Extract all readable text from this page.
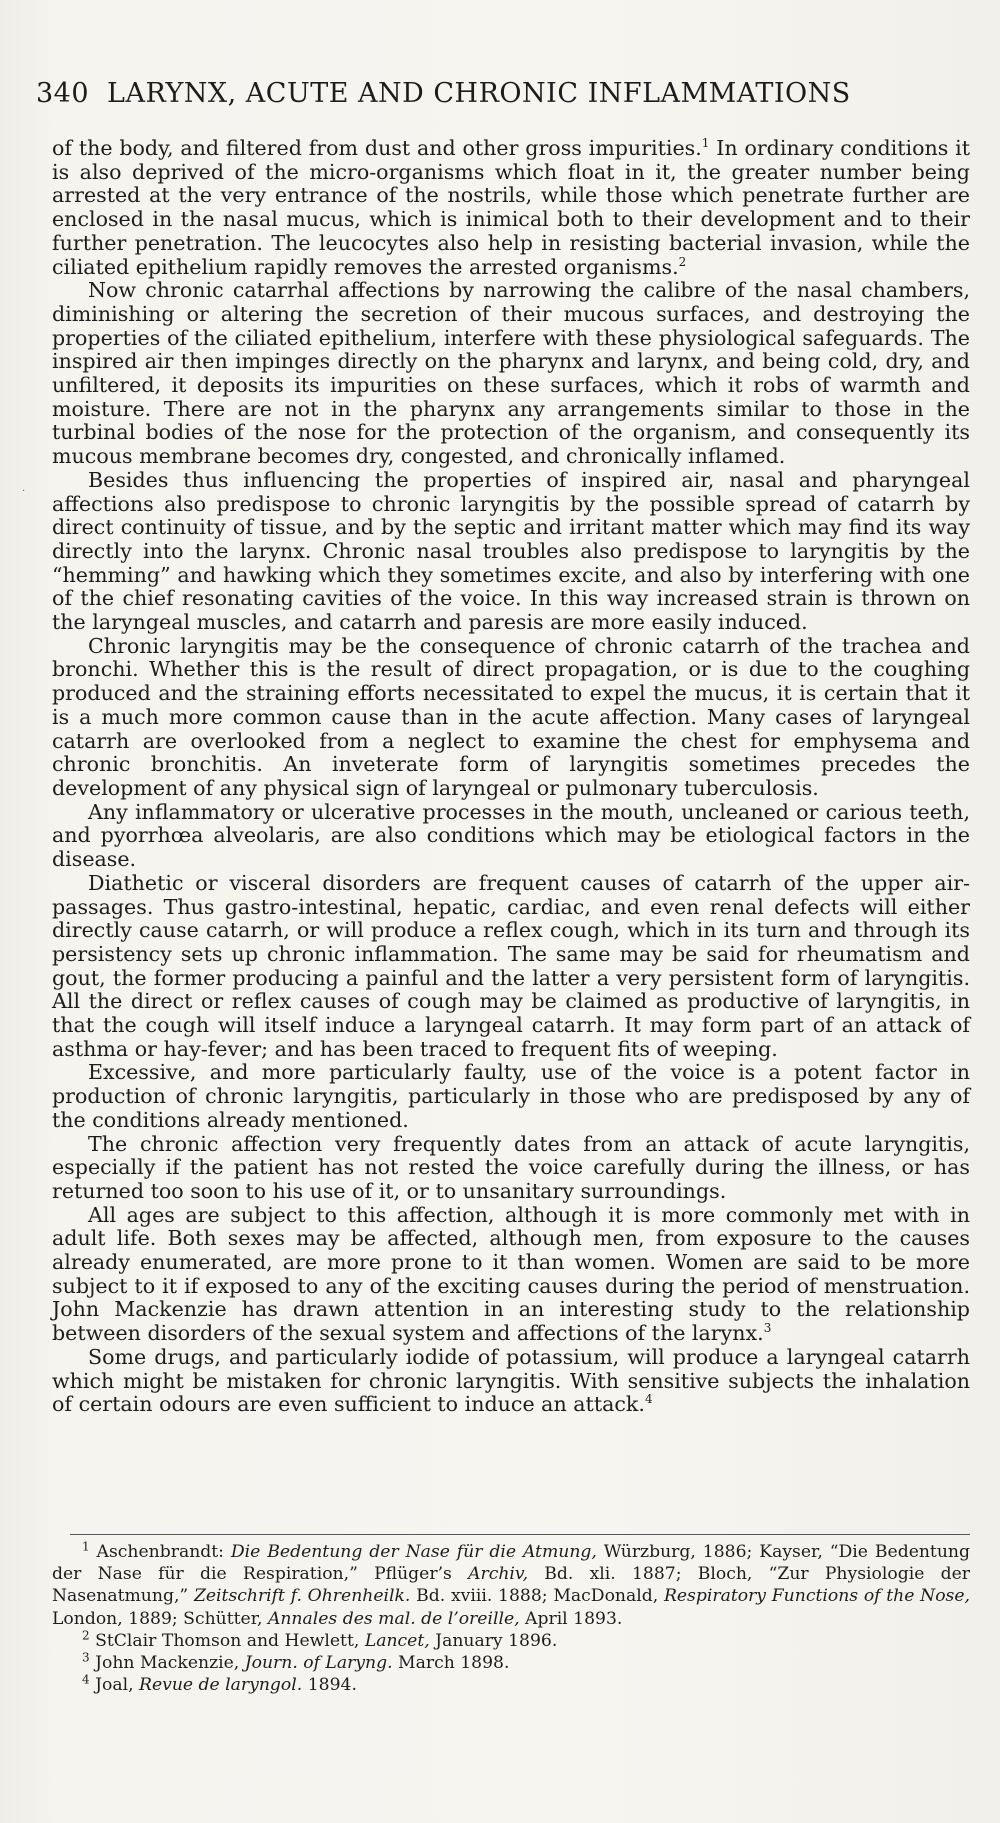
340 LARYNX, ACUTE AND CHRONIC INFLAMMATIONS
·

of the body, and filtered from dust and other gross impurities.$^1$ In ordinary conditions it is also deprived of the micro-organisms which float in it, the greater number being arrested at the very entrance of the nostrils, while those which penetrate further are enclosed in the nasal mucus, which is inimical both to their development and to their further penetration. The leucocytes also help in resisting bacterial invasion, while the ciliated epithelium rapidly removes the arrested organisms.$^2$

Now chronic catarrhal affections by narrowing the calibre of the nasal chambers, diminishing or altering the secretion of their mucous surfaces, and destroying the properties of the ciliated epithelium, interfere with these physiological safeguards. The inspired air then impinges directly on the pharynx and larynx, and being cold, dry, and unfiltered, it deposits its impurities on these surfaces, which it robs of warmth and moisture. There are not in the pharynx any arrangements similar to those in the turbinal bodies of the nose for the protection of the organism, and consequently its mucous membrane becomes dry, congested, and chronically inflamed.

Besides thus influencing the properties of inspired air, nasal and pharyngeal affections also predispose to chronic laryngitis by the possible spread of catarrh by direct continuity of tissue, and by the septic and irritant matter which may find its way directly into the larynx. Chronic nasal troubles also predispose to laryngitis by the “hemming” and hawking which they sometimes excite, and also by interfering with one of the chief resonating cavities of the voice. In this way increased strain is thrown on the laryngeal muscles, and catarrh and paresis are more easily induced.

Chronic laryngitis may be the consequence of chronic catarrh of the trachea and bronchi. Whether this is the result of direct propagation, or is due to the coughing produced and the straining efforts necessitated to expel the mucus, it is certain that it is a much more common cause than in the acute affection. Many cases of laryngeal catarrh are overlooked from a neglect to examine the chest for emphysema and chronic bronchitis. An inveterate form of laryngitis sometimes precedes the development of any physical sign of laryngeal or pulmonary tuberculosis.

Any inflammatory or ulcerative processes in the mouth, uncleaned or carious teeth, and pyorrhœa alveolaris, are also conditions which may be etiological factors in the disease.

Diathetic or visceral disorders are frequent causes of catarrh of the upper air-passages. Thus gastro-intestinal, hepatic, cardiac, and even renal defects will either directly cause catarrh, or will produce a reflex cough, which in its turn and through its persistency sets up chronic inflammation. The same may be said for rheumatism and gout, the former producing a painful and the latter a very persistent form of laryngitis. All the direct or reflex causes of cough may be claimed as productive of laryngitis, in that the cough will itself induce a laryngeal catarrh. It may form part of an attack of asthma or hay-fever; and has been traced to frequent fits of weeping.

Excessive, and more particularly faulty, use of the voice is a potent factor in production of chronic laryngitis, particularly in those who are predisposed by any of the conditions already mentioned.

The chronic affection very frequently dates from an attack of acute laryngitis, especially if the patient has not rested the voice carefully during the illness, or has returned too soon to his use of it, or to unsanitary surroundings.

All ages are subject to this affection, although it is more commonly met with in adult life. Both sexes may be affected, although men, from exposure to the causes already enumerated, are more prone to it than women. Women are said to be more subject to it if exposed to any of the exciting causes during the period of menstruation. John Mackenzie has drawn attention in an interesting study to the relationship between disorders of the sexual system and affections of the larynx.$^3$

Some drugs, and particularly iodide of potassium, will produce a laryngeal catarrh which might be mistaken for chronic laryngitis. With sensitive subjects the inhalation of certain odours are even sufficient to induce an attack.$^4$

$^1$ Aschenbrandt: Die Bedentung der Nase für die Atmung, Würzburg, 1886; Kayser, “Die Bedentung der Nase für die Respiration,” Pflüger’s Archiv, Bd. xli. 1887; Bloch, “Zur Physiologie der Nasenatmung,” Zeitschrift f. Ohrenheilk. Bd. xviii. 1888; MacDonald, Respiratory Functions of the Nose, London, 1889; Schütter, Annales des mal. de l’oreille, April 1893.

$^2$ StClair Thomson and Hewlett, Lancet, January 1896.

$^3$ John Mackenzie, Journ. of Laryng. March 1898.

$^4$ Joal, Revue de laryngol. 1894.
